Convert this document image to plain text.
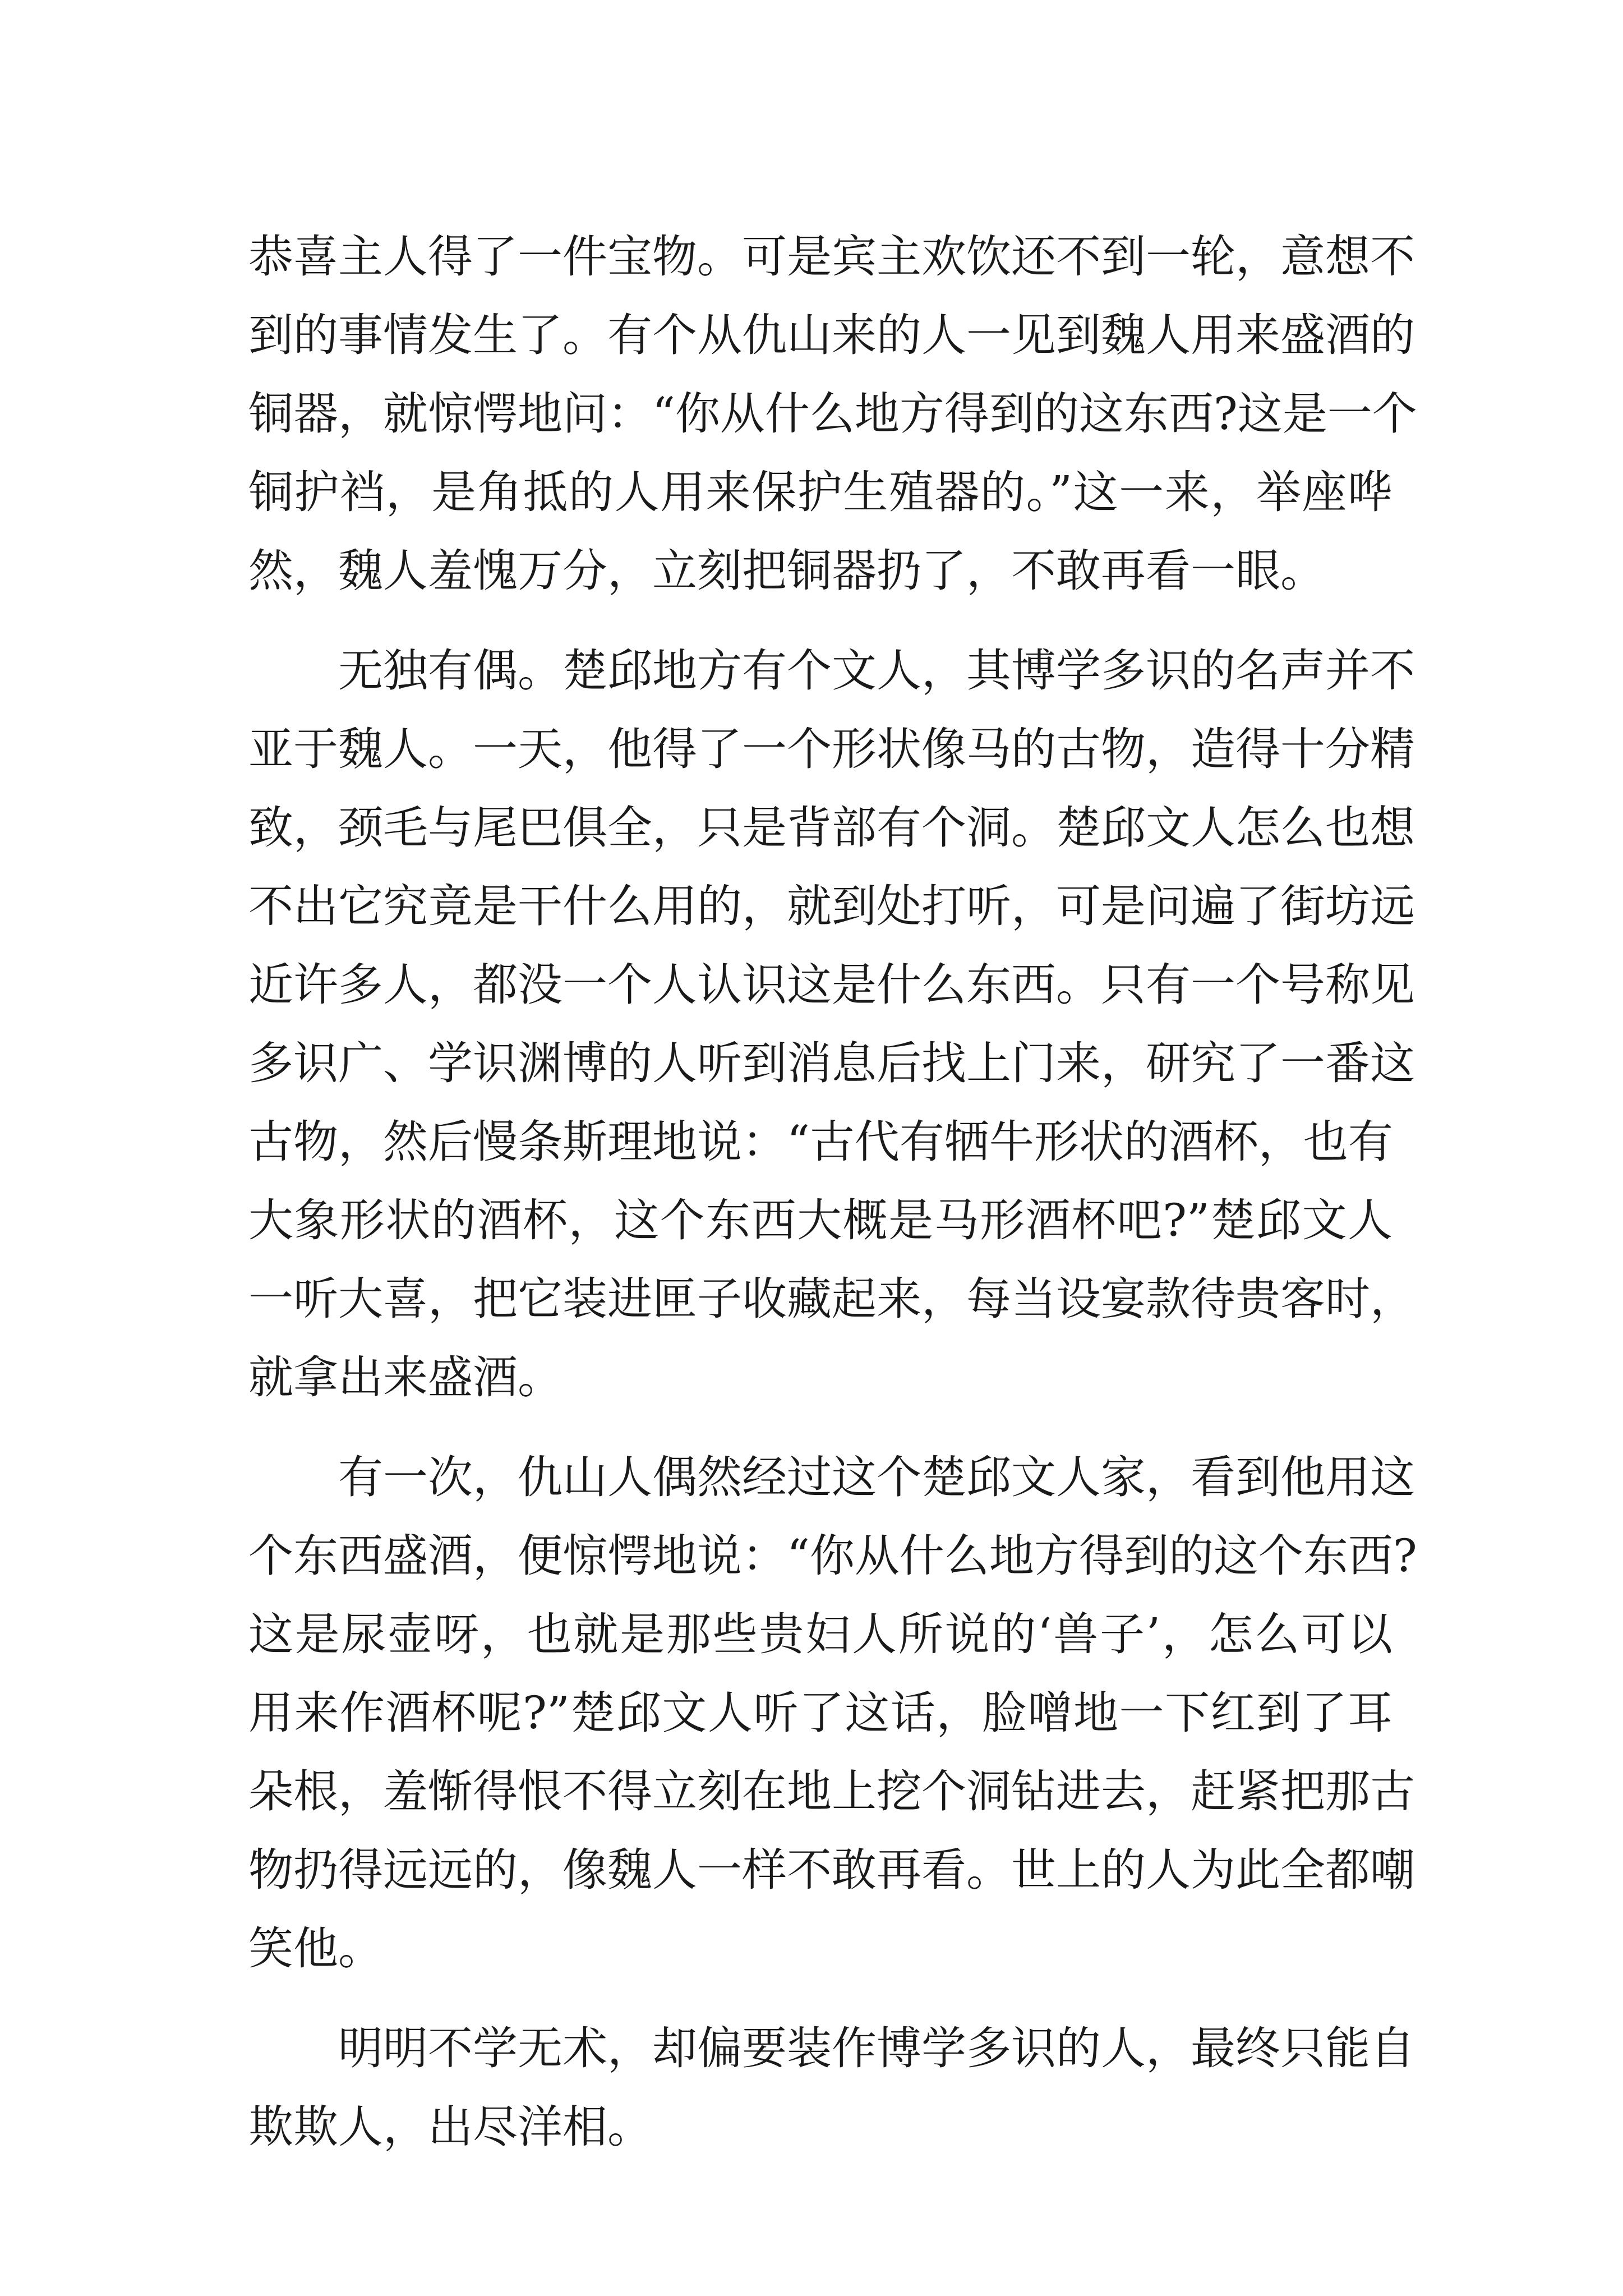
恭喜主人得了一件宝物。可是宾主欢饮还不到一轮，意想不
到的事情发生了。有个从仇山来的人一见到魏人用来盛酒的
铜器，就惊愕地问：“你从什么地方得到的这东西?这是一个
铜护裆，是角抵的人用来保护生殖器的。”这一来，举座哗
然，魏人羞愧万分，立刻把铜器扔了，不敢再看一眼。
无独有偶。楚邱地方有个文人，其博学多识的名声并不
亚于魏人。一天，他得了一个形状像马的古物，造得十分精
致，颈毛与尾巴俱全，只是背部有个洞。楚邱文人怎么也想
不出它究竟是干什么用的，就到处打听，可是问遍了街坊远
近许多人，都没一个人认识这是什么东西。只有一个号称见
多识广、学识渊博的人听到消息后找上门来，研究了一番这
古物，然后慢条斯理地说：“古代有牺牛形状的酒杯，也有
大象形状的酒杯，这个东西大概是马形酒杯吧?”楚邱文人
一听大喜，把它装进匣子收藏起来，每当设宴款待贵客时，
就拿出来盛酒。
有一次，仇山人偶然经过这个楚邱文人家，看到他用这
个东西盛酒，便惊愕地说：“你从什么地方得到的这个东西?
这是尿壶呀，也就是那些贵妇人所说的‘兽子’，怎么可以
用来作酒杯呢?”楚邱文人听了这话，脸噌地一下红到了耳
朵根，羞惭得恨不得立刻在地上挖个洞钻进去，赶紧把那古
物扔得远远的，像魏人一样不敢再看。世上的人为此全都嘲
笑他。
明明不学无术，却偏要装作博学多识的人，最终只能自
欺欺人，出尽洋相。
